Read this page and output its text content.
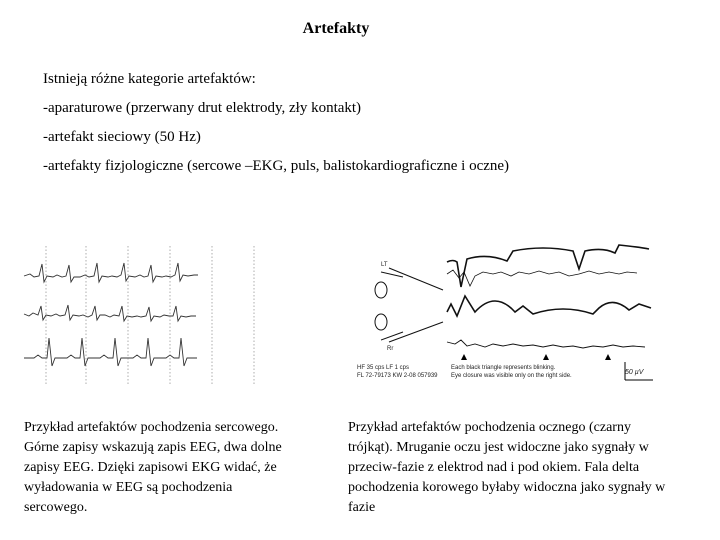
Artefakty
Istnieją różne kategorie artefaktów:
-aparaturowe (przerwany drut elektrody, zły kontakt)
-artefakt sieciowy (50 Hz)
-artefakty fizjologiczne (sercowe –EKG, puls, balistokardiograficzne i oczne)
LT
Rr
Each black triangle represents blinking.
Eye closure was visible only on the right side.
HF 35 cps LF 1 cps
FL 72-79173 KW 2-08 057939	50 µV
Przykład artefaktów pochodzenia sercowego. Górne zapisy wskazują zapis EEG, dwa dolne zapisy EEG. Dzięki zapisowi EKG widać, że wyładowania w EEG są pochodzenia sercowego.
Przykład artefaktów pochodzenia ocznego (czarny trójkąt). Mruganie oczu jest widoczne jako sygnały w przeciw-fazie z elektrod nad i pod okiem. Fala delta pochodzenia korowego byłaby widoczna jako sygnały w fazie
